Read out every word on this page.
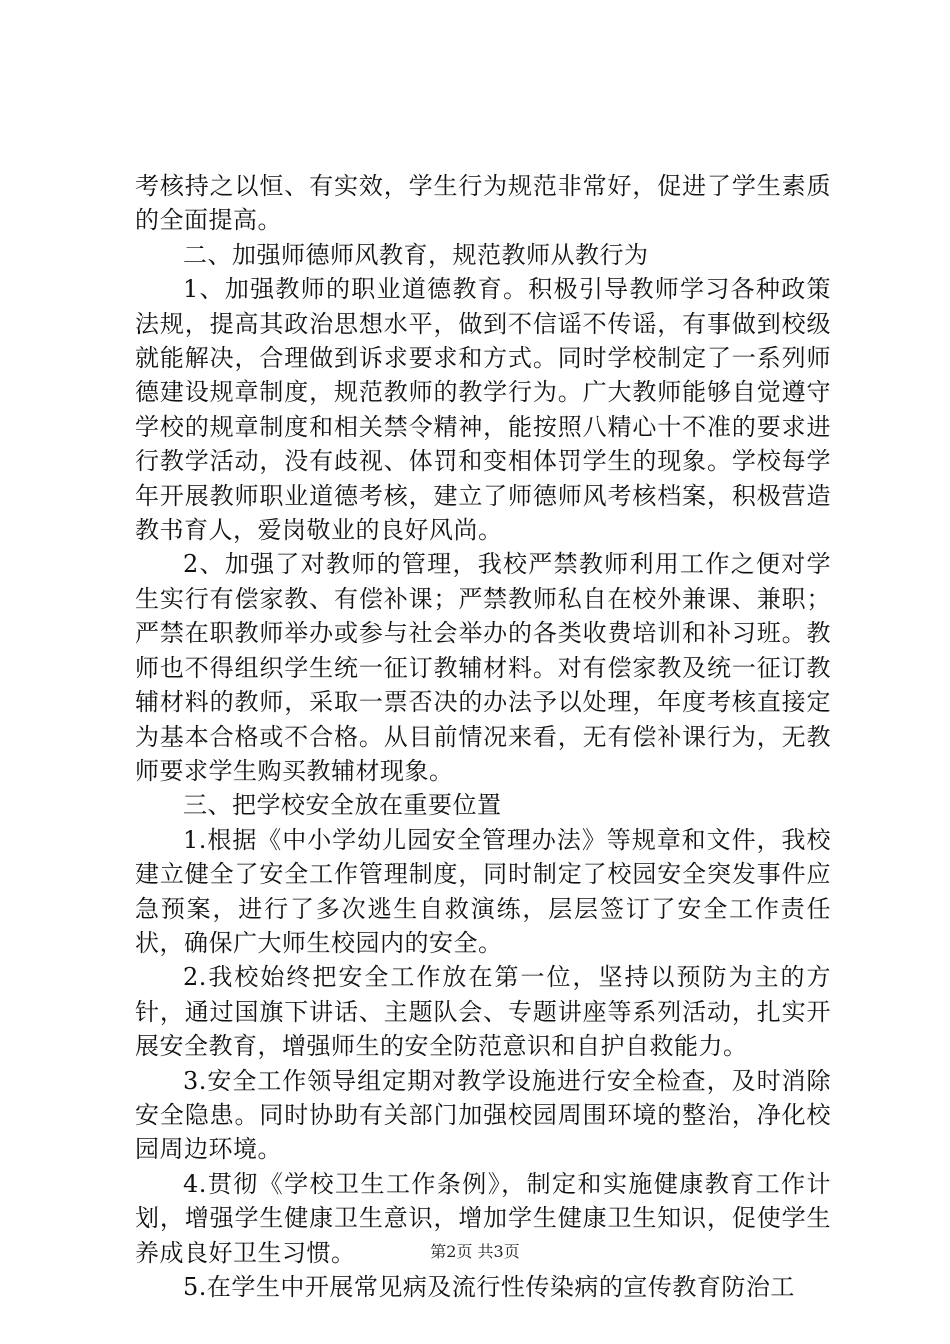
考核持之以恒、有实效，学生行为规范非常好，促进了学生素质的全面提高。

二、加强师德师风教育，规范教师从教行为

1、加强教师的职业道德教育。积极引导教师学习各种政策法规，提高其政治思想水平，做到不信谣不传谣，有事做到校级就能解决，合理做到诉求要求和方式。同时学校制定了一系列师德建设规章制度，规范教师的教学行为。广大教师能够自觉遵守学校的规章制度和相关禁令精神，能按照八精心十不准的要求进行教学活动，没有歧视、体罚和变相体罚学生的现象。学校每学年开展教师职业道德考核，建立了师德师风考核档案，积极营造教书育人，爱岗敬业的良好风尚。

2、加强了对教师的管理，我校严禁教师利用工作之便对学生实行有偿家教、有偿补课；严禁教师私自在校外兼课、兼职；严禁在职教师举办或参与社会举办的各类收费培训和补习班。教师也不得组织学生统一征订教辅材料。对有偿家教及统一征订教辅材料的教师，采取一票否决的办法予以处理，年度考核直接定为基本合格或不合格。从目前情况来看，无有偿补课行为，无教师要求学生购买教辅材现象。

三、把学校安全放在重要位置

1.根据《中小学幼儿园安全管理办法》等规章和文件，我校建立健全了安全工作管理制度，同时制定了校园安全突发事件应急预案，进行了多次逃生自救演练，层层签订了安全工作责任状，确保广大师生校园内的安全。

2.我校始终把安全工作放在第一位，坚持以预防为主的方针，通过国旗下讲话、主题队会、专题讲座等系列活动，扎实开展安全教育，增强师生的安全防范意识和自护自救能力。

3.安全工作领导组定期对教学设施进行安全检查，及时消除安全隐患。同时协助有关部门加强校园周围环境的整治，净化校园周边环境。

4.贯彻《学校卫生工作条例》，制定和实施健康教育工作计划，增强学生健康卫生意识，增加学生健康卫生知识，促使学生养成良好卫生习惯。

5.在学生中开展常见病及流行性传染病的宣传教育防治工

第2页 共3页
